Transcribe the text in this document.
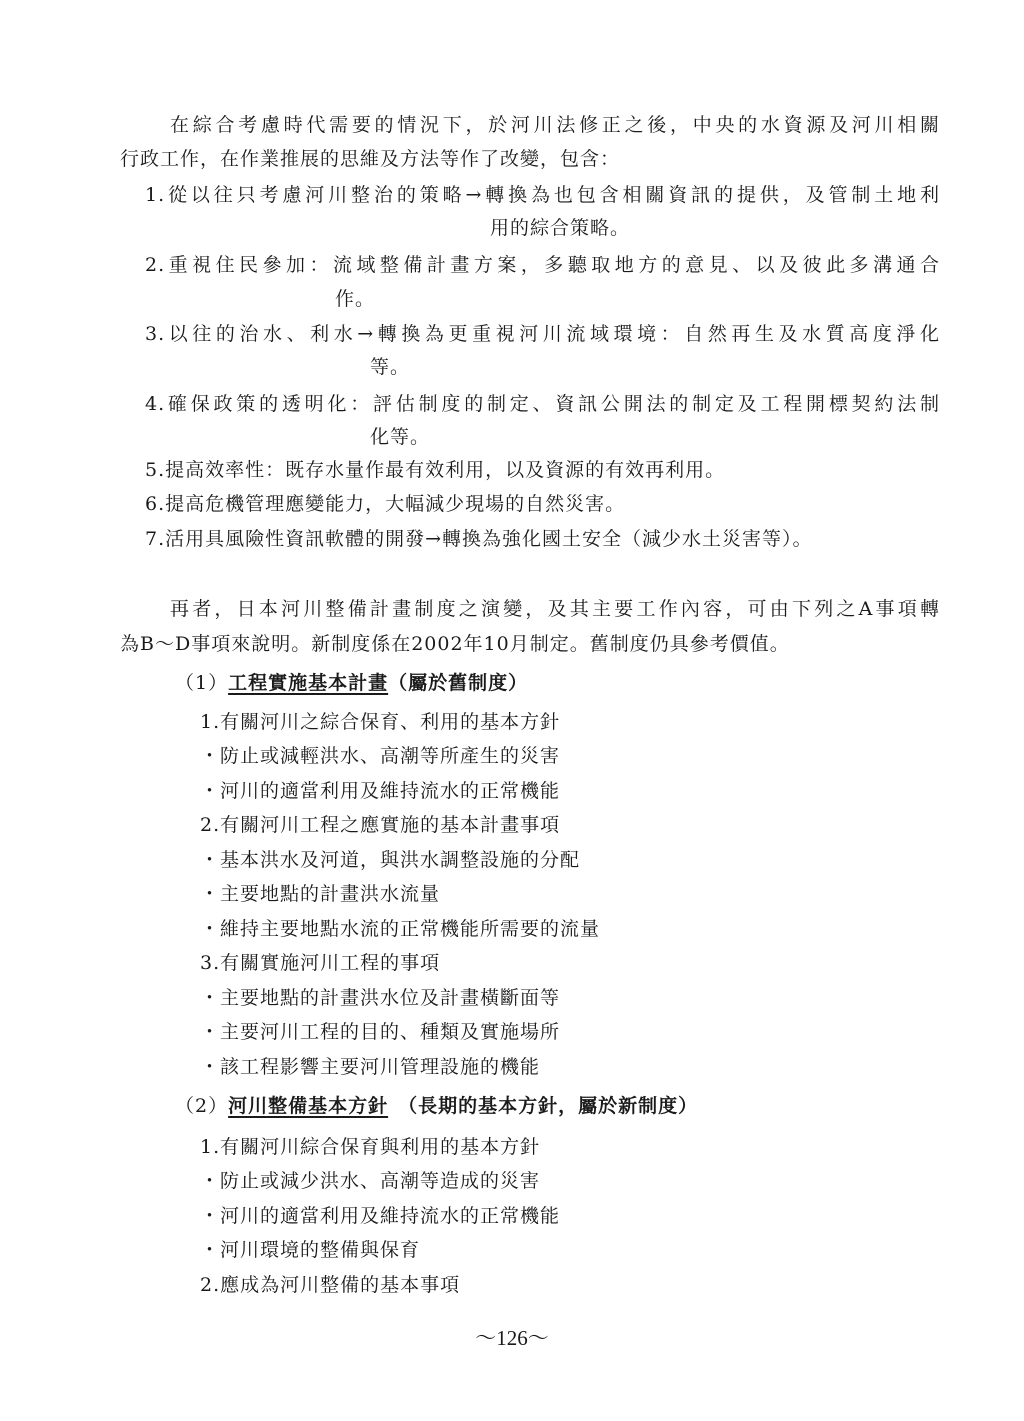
在綜合考慮時代需要的情況下，於河川法修正之後，中央的水資源及河川相關
行政工作，在作業推展的思維及方法等作了改變，包含：
1.從以往只考慮河川整治的策略→轉換為也包含相關資訊的提供，及管制土地利
用的綜合策略。
2.重視住民參加：流域整備計畫方案，多聽取地方的意見、以及彼此多溝通合
作。
3.以往的治水、利水→轉換為更重視河川流域環境：自然再生及水質高度淨化
等。
4.確保政策的透明化：評估制度的制定、資訊公開法的制定及工程開標契約法制
化等。
5.提高效率性：既存水量作最有效利用，以及資源的有效再利用。
6.提高危機管理應變能力，大幅減少現場的自然災害。
7.活用具風險性資訊軟體的開發→轉換為強化國土安全（減少水土災害等）。
再者，日本河川整備計畫制度之演變，及其主要工作內容，可由下列之A事項轉
為B～D事項來說明。新制度係在2002年10月制定。舊制度仍具參考價值。
（1）工程實施基本計畫（屬於舊制度）
1.有關河川之綜合保育、利用的基本方針
・防止或減輕洪水、高潮等所產生的災害
・河川的適當利用及維持流水的正常機能
2.有關河川工程之應實施的基本計畫事項
・基本洪水及河道，與洪水調整設施的分配
・主要地點的計畫洪水流量
・維持主要地點水流的正常機能所需要的流量
3.有關實施河川工程的事項
・主要地點的計畫洪水位及計畫橫斷面等
・主要河川工程的目的、種類及實施場所
・該工程影響主要河川管理設施的機能
（2）河川整備基本方針 （長期的基本方針，屬於新制度）
1.有關河川綜合保育與利用的基本方針
・防止或減少洪水、高潮等造成的災害
・河川的適當利用及維持流水的正常機能
・河川環境的整備與保育
2.應成為河川整備的基本事項
～126～
